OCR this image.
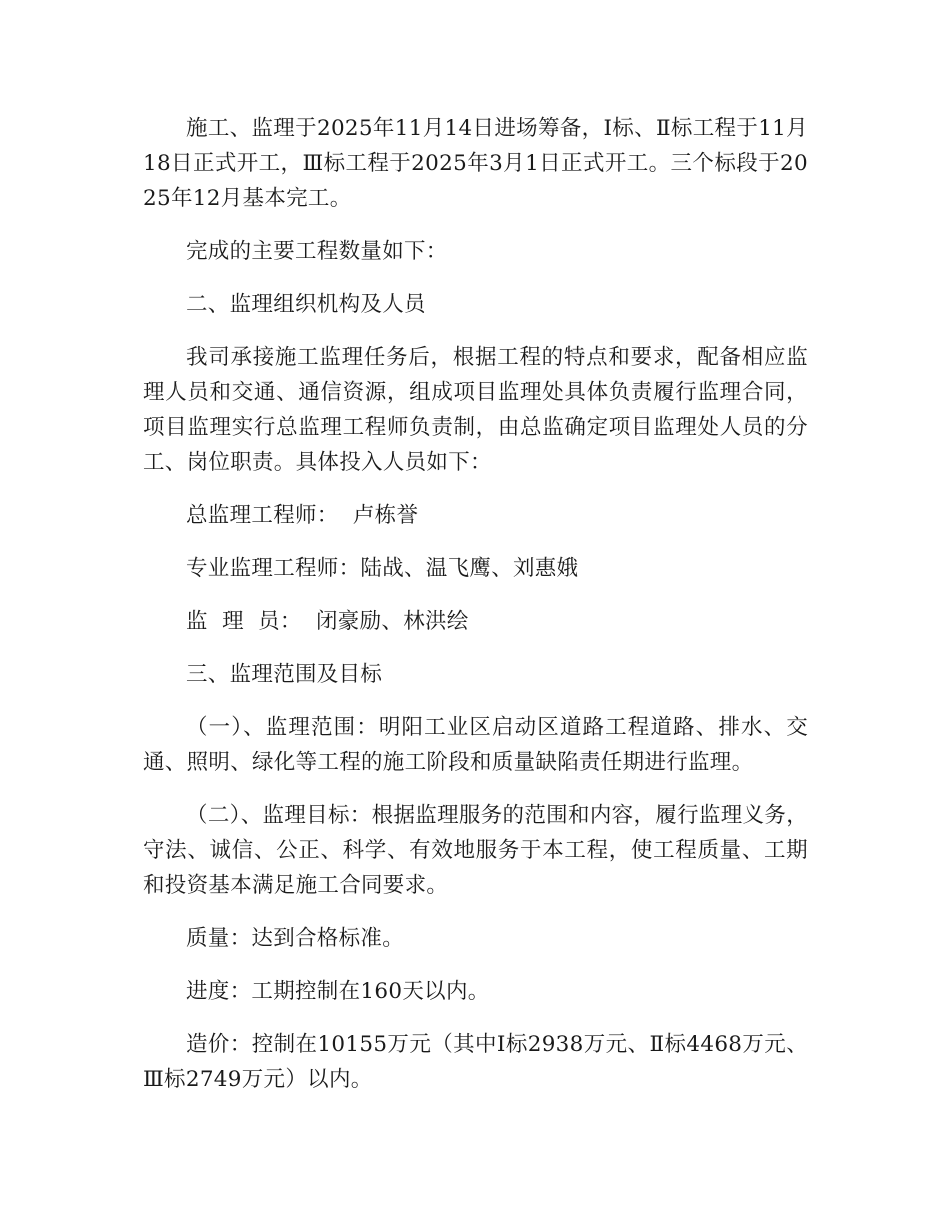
施工、监理于2025年11月14日进场筹备，Ⅰ标、Ⅱ标工程于11月18日正式开工，Ⅲ标工程于2025年3月1日正式开工。三个标段于2025年12月基本完工。

完成的主要工程数量如下：

二、监理组织机构及人员

我司承接施工监理任务后，根据工程的特点和要求，配备相应监理人员和交通、通信资源，组成项目监理处具体负责履行监理合同，项目监理实行总监理工程师负责制，由总监确定项目监理处人员的分工、岗位职责。具体投入人员如下：

总监理工程师：  卢栋誉

专业监理工程师：陆战、温飞鹰、刘惠娥

监  理  员：  闭豪励、林洪绘

三、监理范围及目标

（一）、监理范围：明阳工业区启动区道路工程道路、排水、交通、照明、绿化等工程的施工阶段和质量缺陷责任期进行监理。

（二）、监理目标：根据监理服务的范围和内容，履行监理义务，守法、诚信、公正、科学、有效地服务于本工程，使工程质量、工期和投资基本满足施工合同要求。

质量：达到合格标准。

进度：工期控制在160天以内。

造价：控制在10155万元（其中Ⅰ标2938万元、Ⅱ标4468万元、Ⅲ标2749万元）以内。
